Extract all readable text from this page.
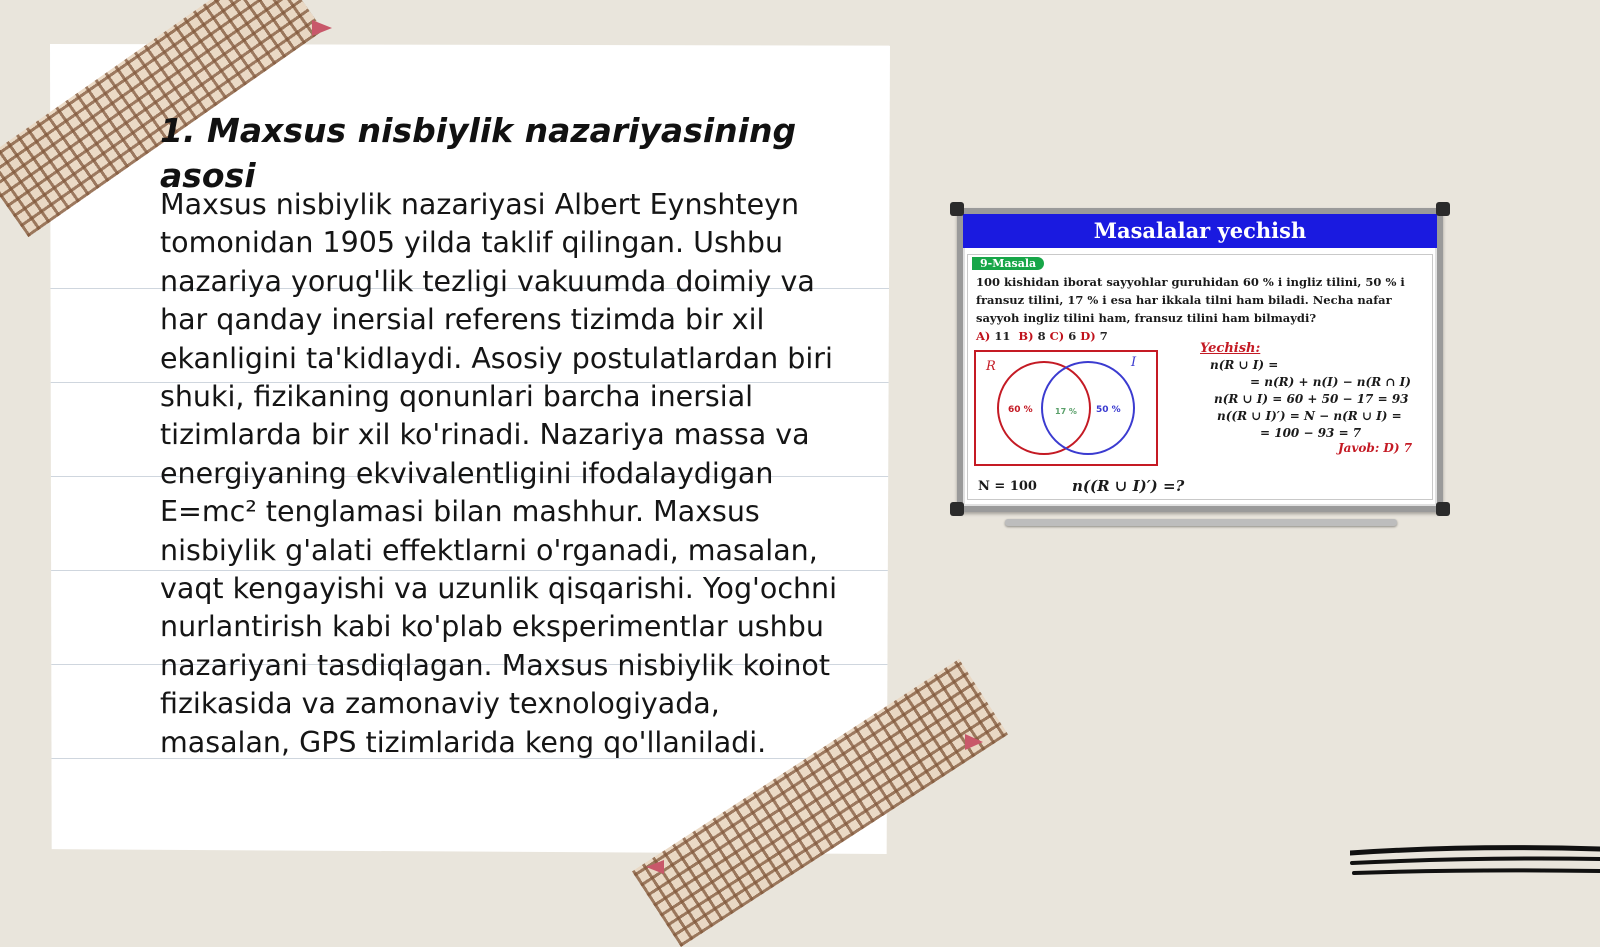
1. Maxsus nisbiylik nazariyasining asosi

Maxsus nisbiylik nazariyasi Albert Eynshteyn tomonidan 1905 yilda taklif qilingan. Ushbu nazariya yorug'lik tezligi vakuumda doimiy va har qanday inersial referens tizimda bir xil ekanligini ta'kidlaydi. Asosiy postulatlardan biri shuki, fizikaning qonunlari barcha inersial tizimlarda bir xil ko'rinadi. Nazariya massa va energiyaning ekvivalentligini ifodalaydigan E=mc² tenglamasi bilan mashhur. Maxsus nisbiylik g'alati effektlarni o'rganadi, masalan, vaqt kengayishi va uzunlik qisqarishi. Yog'ochni nurlantirish kabi ko'plab eksperimentlar ushbu nazariyani tasdiqlagan. Maxsus nisbiylik koinot fizikasida va zamonaviy texnologiyada, masalan, GPS tizimlarida keng qo'llaniladi.

Masalalar yechish
9-Masala
100 kishidan iborat sayyohlar guruhidan 60 % i ingliz tilini, 50 % i fransuz tilini, 17 % i esa har ikkala tilni ham biladi. Necha nafar sayyoh ingliz tilini ham, fransuz tilini ham bilmaydi?
A) 11 B) 8 C) 6 D) 7
R	I
60 %	17 % 50 %
Yechish:
n(R ∪ I) =
= n(R) + n(I) − n(R ∩ I)
n(R ∪ I) = 60 + 50 − 17 = 93
n((R ∪ I)′) = N − n(R ∪ I) =
= 100 − 93 = 7
Javob: D) 7
N = 100 n((R ∪ I)′) =?
